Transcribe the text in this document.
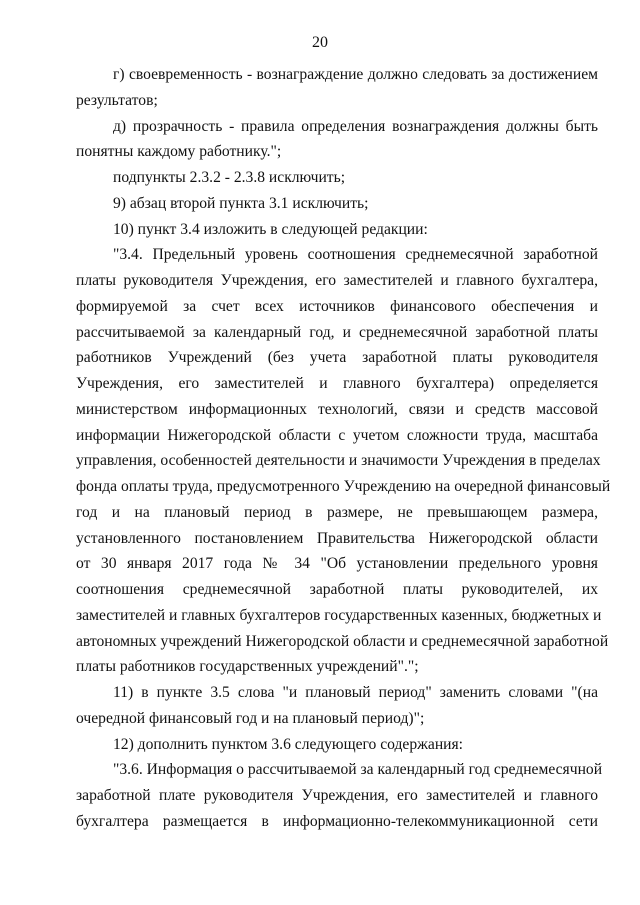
20
г) своевременность - вознаграждение должно следовать за достижением
результатов;
д) прозрачность - правила определения вознаграждения должны быть
понятны каждому работнику.";
подпункты 2.3.2 - 2.3.8 исключить;
9) абзац второй пункта 3.1 исключить;
10) пункт 3.4 изложить в следующей редакции:
"3.4. Предельный уровень соотношения среднемесячной заработной
платы руководителя Учреждения, его заместителей и главного бухгалтера,
формируемой за счет всех источников финансового обеспечения и
рассчитываемой за календарный год, и среднемесячной заработной платы
работников Учреждений (без учета заработной платы руководителя
Учреждения, его заместителей и главного бухгалтера) определяется
министерством информационных технологий, связи и средств массовой
информации Нижегородской области с учетом сложности труда, масштаба
управления, особенностей деятельности и значимости Учреждения в пределах
фонда оплаты труда, предусмотренного Учреждению на очередной финансовый
год и на плановый период в размере, не превышающем размера,
установленного постановлением Правительства Нижегородской области
от 30 января 2017 года № 34 "Об установлении предельного уровня
соотношения среднемесячной заработной платы руководителей, их
заместителей и главных бухгалтеров государственных казенных, бюджетных и
автономных учреждений Нижегородской области и среднемесячной заработной
платы работников государственных учреждений".";
11) в пункте 3.5 слова "и плановый период" заменить словами "(на
очередной финансовый год и на плановый период)";
12) дополнить пунктом 3.6 следующего содержания:
"3.6. Информация о рассчитываемой за календарный год среднемесячной
заработной плате руководителя Учреждения, его заместителей и главного
бухгалтера размещается в информационно-телекоммуникационной сети
